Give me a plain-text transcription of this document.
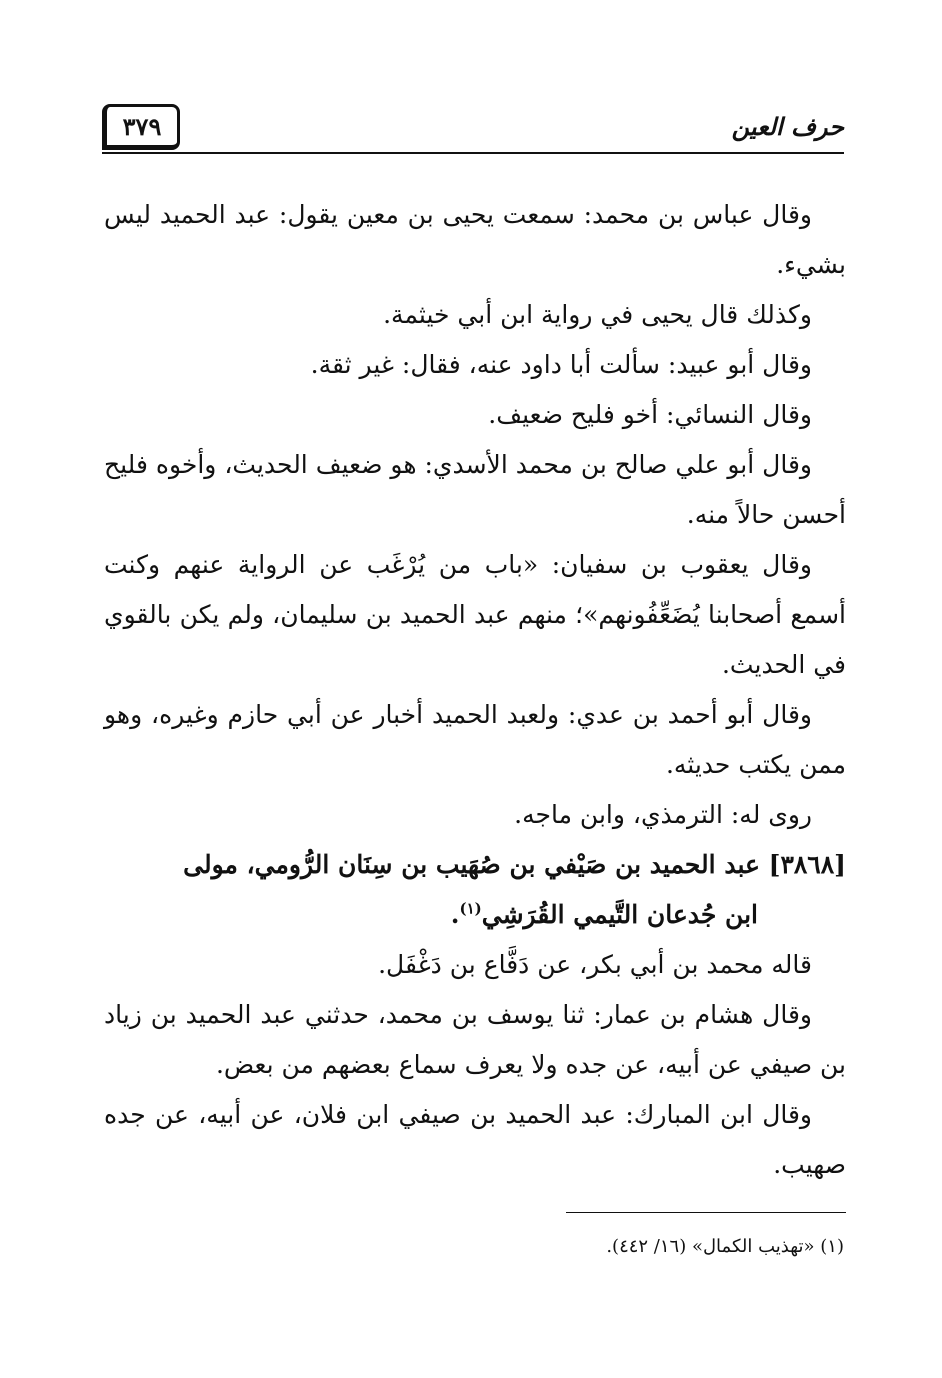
٣٧٩	حرف العين

وقال عباس بن محمد: سمعت يحيى بن معين يقول: عبد الحميد ليس بشيء.

وكذلك قال يحيى في رواية ابن أبي خيثمة.

وقال أبو عبيد: سألت أبا داود عنه، فقال: غير ثقة.

وقال النسائي: أخو فليح ضعيف.

وقال أبو علي صالح بن محمد الأسدي: هو ضعيف الحديث، وأخوه فليح أحسن حالاً منه.

وقال يعقوب بن سفيان: «باب من يُرْغَب عن الرواية عنهم وكنت أسمع أصحابنا يُضَعِّفُونهم»؛ منهم عبد الحميد بن سليمان، ولم يكن بالقوي في الحديث.

وقال أبو أحمد بن عدي: ولعبد الحميد أخبار عن أبي حازم وغيره، وهو ممن يكتب حديثه.

روى له: الترمذي، وابن ماجه.

[٣٨٦٨] عبد الحميد بن صَيْفي بن صُهَيب بن سِنَان الرُّومي، مولى
ابن جُدعان التَّيمي القُرَشِي$^{(١)}$.

قاله محمد بن أبي بكر، عن دَفَّاع بن دَغْفَل.

وقال هشام بن عمار: ثنا يوسف بن محمد، حدثني عبد الحميد بن زياد بن صيفي عن أبيه، عن جده ولا يعرف سماع بعضهم من بعض.

وقال ابن المبارك: عبد الحميد بن صيفي ابن فلان، عن أبيه، عن جده صهيب.

(١) «تهذيب الكمال» (١٦/ ٤٤٢).
